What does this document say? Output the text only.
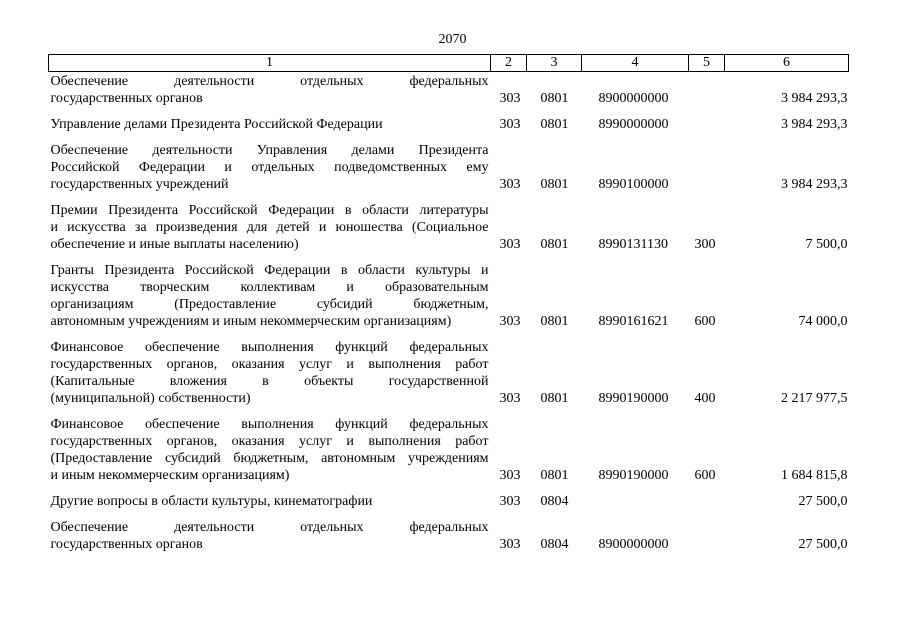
2070
1	2	3	4	5	6

Обеспечение деятельности отдельных федеральных
государственных органов	303	0801	8900000000		3 984 293,3

Управление делами Президента Российской Федерации	303	0801	8990000000		3 984 293,3

Обеспечение деятельности Управления делами Президента
Российской Федерации и отдельных подведомственных ему
государственных учреждений	303	0801	8990100000		3 984 293,3

Премии Президента Российской Федерации в области литературы
и искусства за произведения для детей и юношества (Социальное
обеспечение и иные выплаты населению)	303	0801	8990131130	300	7 500,0

Гранты Президента Российской Федерации в области культуры и
искусства творческим коллективам и образовательным
организациям (Предоставление субсидий бюджетным,
автономным учреждениям и иным некоммерческим организациям)	303	0801	8990161621	600	74 000,0

Финансовое обеспечение выполнения функций федеральных
государственных органов, оказания услуг и выполнения работ
(Капитальные вложения в объекты государственной
(муниципальной) собственности)	303	0801	8990190000	400	2 217 977,5

Финансовое обеспечение выполнения функций федеральных
государственных органов, оказания услуг и выполнения работ
(Предоставление субсидий бюджетным, автономным учреждениям
и иным некоммерческим организациям)	303	0801	8990190000	600	1 684 815,8

Другие вопросы в области культуры, кинематографии	303	0804			27 500,0

Обеспечение деятельности отдельных федеральных
государственных органов	303	0804	8900000000		27 500,0
